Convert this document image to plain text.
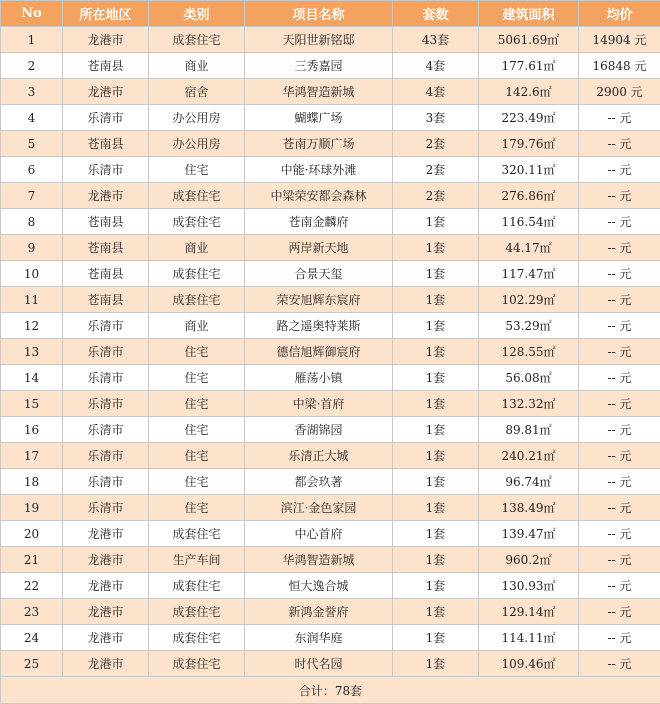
No	所在地区	类别	项目名称	套数	建筑面积	均价
1	龙港市	成套住宅	天阳世新铭邸	43套	5061.69㎡	14904 元
2	苍南县	商业	三秀嘉园	4套	177.61㎡	16848 元
3	龙港市	宿舍	华鸿智造新城	4套	142.6㎡	2900 元
4	乐清市	办公用房	蝴蝶广场	3套	223.49㎡	-- 元
5	苍南县	办公用房	苍南万顺广场	2套	179.76㎡	-- 元
6	乐清市	住宅	中能·环球外滩	2套	320.11㎡	-- 元
7	龙港市	成套住宅	中梁荣安都会森林	2套	276.86㎡	-- 元
8	苍南县	成套住宅	苍南金麟府	1套	116.54㎡	-- 元
9	苍南县	商业	两岸新天地	1套	44.17㎡	-- 元
10	苍南县	成套住宅	合景天玺	1套	117.47㎡	-- 元
11	苍南县	成套住宅	荣安旭辉东宸府	1套	102.29㎡	-- 元
12	乐清市	商业	路之遥奥特莱斯	1套	53.29㎡	-- 元
13	乐清市	住宅	德信旭辉御宸府	1套	128.55㎡	-- 元
14	乐清市	住宅	雁荡小镇	1套	56.08㎡	-- 元
15	乐清市	住宅	中梁·首府	1套	132.32㎡	-- 元
16	乐清市	住宅	香湖锦园	1套	89.81㎡	-- 元
17	乐清市	住宅	乐清正大城	1套	240.21㎡	-- 元
18	乐清市	住宅	都会玖著	1套	96.74㎡	-- 元
19	乐清市	住宅	滨江·金色家园	1套	138.49㎡	-- 元
20	龙港市	成套住宅	中心首府	1套	139.47㎡	-- 元
21	龙港市	生产车间	华鸿智造新城	1套	960.2㎡	-- 元
22	龙港市	成套住宅	恒大逸合城	1套	130.93㎡	-- 元
23	龙港市	成套住宅	新鸿金誉府	1套	129.14㎡	-- 元
24	龙港市	成套住宅	东润华庭	1套	114.11㎡	-- 元
25	龙港市	成套住宅	时代名园	1套	109.46㎡	-- 元
合计：78套						
